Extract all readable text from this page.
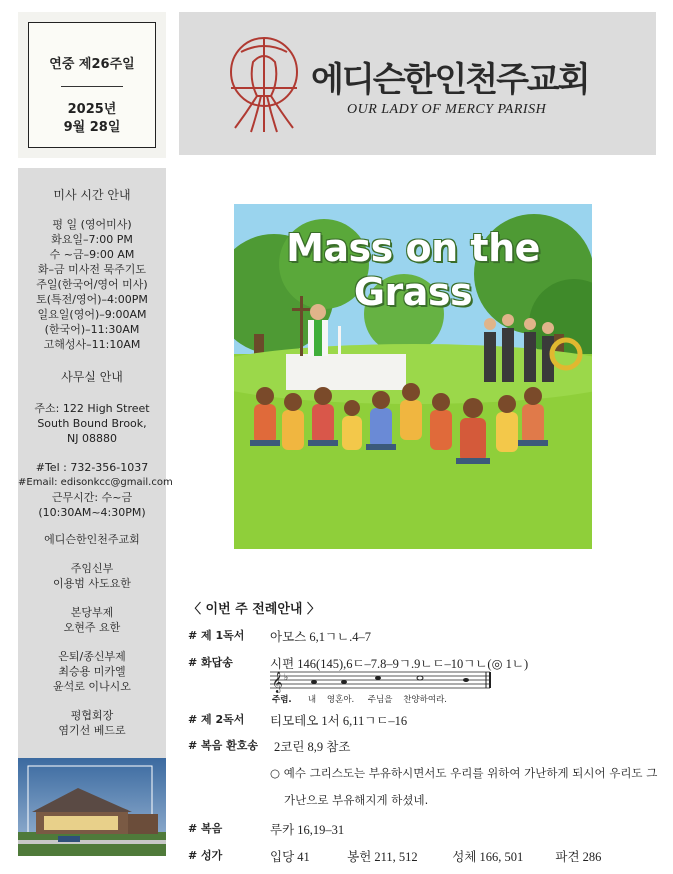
연중 제26주일
2025년
9월 28일
에디슨한인천주교회
OUR LADY OF MERCY PARISH
미사 시간 안내
평 일 (영어미사)
화요일–7:00 PM
수 ~금–9:00 AM
화–금 미사전 묵주기도
주일(한국어/영어 미사)
토(특전/영어)–4:00PM
일요일(영어)–9:00AM
(한국어)–11:30AM
고해성사–11:10AM
사무실 안내
주소: 122 High Street
South Bound Brook,
NJ 08880
#Tel : 732-356-1037
#Email: edisonkcc@gmail.com
근무시간: 수~금
(10:30AM~4:30PM)
에디슨한인천주교회
주임신부
이용범 사도요한
본당부제
오현주 요한
은퇴/종신부제
최승용 미카엘
윤석로 이나시오
평협회장
염기선 베드로
Mass on the Grass
〈 이번 주 전례안내 〉
# 제 1독서 아모스 6,1ㄱㄴ.4–7
# 화답송	시편 146(145),6ㄷ–7.8–9ㄱ.9ㄴㄷ–10ㄱㄴ(◎ 1ㄴ)
𝄞 ♭
주렴. 내 영혼아. 주님을 찬양하여라.
# 제 2독서 티모테오 1서 6,11ㄱㄷ–16
# 복음 환호송 2코린 8,9 참조
○ 예수 그리스도는 부유하시면서도 우리를 위하여 가난하게 되시어 우리도 그
가난으로 부유해지게 하셨네.
# 복음	루카 16,19–31
# 성가	입당 41	봉헌 211, 512	성체 166, 501	파견 286
